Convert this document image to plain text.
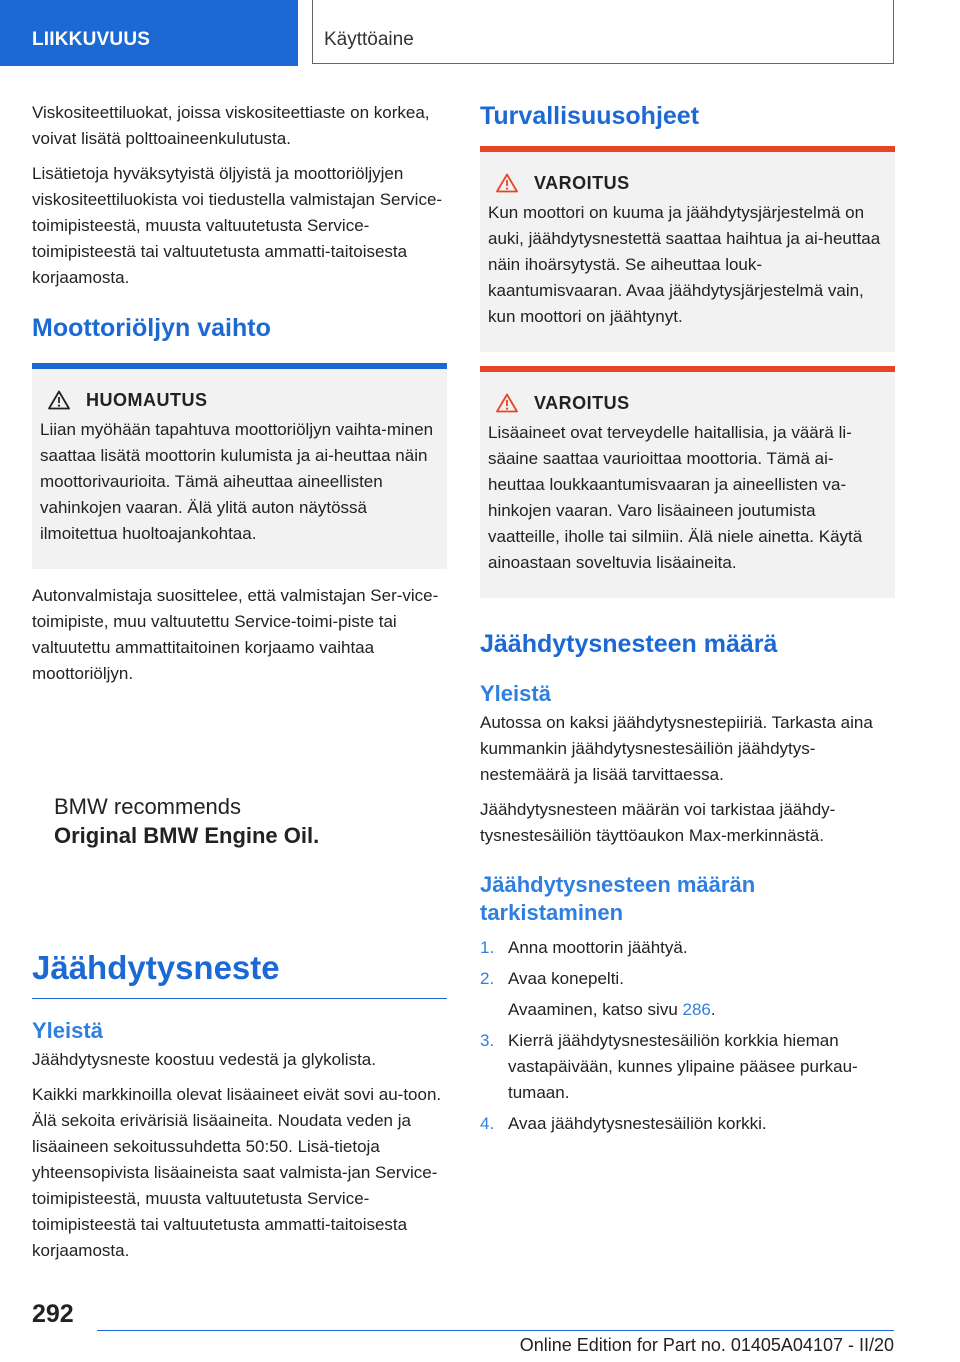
LIIKKUVUUS	Käyttöaine

Viskositeettiluokat, joissa viskositeettiaste on korkea, voivat lisätä polttoaineenkulutusta.

Lisätietoja hyväksytyistä öljyistä ja moottoriöljyjen viskositeettiluokista voi tiedustella valmistajan Service-toimipisteestä, muusta valtuutetusta Service-toimipisteestä tai valtuutetusta ammatti‐taitoisesta korjaamosta.

Moottoriöljyn vaihto
HUOMAUTUS

Liian myöhään tapahtuva moottoriöljyn vaihta‐minen saattaa lisätä moottorin kulumista ja ai‐heuttaa näin moottorivaurioita. Tämä aiheuttaa aineellisten vahinkojen vaaran. Älä ylitä auton näytössä ilmoitettua huoltoajankohtaa.

Autonvalmistaja suosittelee, että valmistajan Ser‐vice-toimipiste, muu valtuutettu Service-toimi‐piste tai valtuutettu ammattitaitoinen korjaamo vaihtaa moottoriöljyn.

BMW recommends
Original BMW Engine Oil.
Jäähdytysneste
Yleistä

Jäähdytysneste koostuu vedestä ja glykolista.

Kaikki markkinoilla olevat lisäaineet eivät sovi au‐toon. Älä sekoita erivärisiä lisäaineita. Noudata veden ja lisäaineen sekoitussuhdetta 50:50. Lisä‐tietoja yhteensopivista lisäaineista saat valmista‐jan Service-toimipisteestä, muusta valtuutetusta Service-toimipisteestä tai valtuutetusta ammatti‐taitoisesta korjaamosta.

Turvallisuusohjeet
VAROITUS

Kun moottori on kuuma ja jäähdytysjärjestelmä on auki, jäähdytysnestettä saattaa haihtua ja ai‐heuttaa näin ihoärsytystä. Se aiheuttaa louk‐kaantumisvaaran. Avaa jäähdytysjärjestelmä vain, kun moottori on jäähtynyt.

VAROITUS

Lisäaineet ovat terveydelle haitallisia, ja väärä li‐säaine saattaa vaurioittaa moottoria. Tämä ai‐heuttaa loukkaantumisvaaran ja aineellisten va‐hinkojen vaaran. Varo lisäaineen joutumista vaatteille, iholle tai silmiin. Älä niele ainetta. Käytä ainoastaan soveltuvia lisäaineita.

Jäähdytysnesteen määrä
Yleistä

Autossa on kaksi jäähdytysnestepiiriä. Tarkasta aina kummankin jäähdytysnestesäiliön jäähdytys‐nestemäärä ja lisää tarvittaessa.

Jäähdytysnesteen määrän voi tarkistaa jäähdy‐tysnestesäiliön täyttöaukon Max-merkinnästä.

Jäähdytysnesteen määrän tarkistaminen
1. Anna moottorin jäähtyä.
2. Avaa konepelti.
Avaaminen, katso sivu 286.
3. Kierrä jäähdytysnestesäiliön korkkia hieman vastapäivään, kunnes ylipaine pääsee purkau‐tumaan.
4. Avaa jäähdytysnestesäiliön korkki.
292
Online Edition for Part no. 01405A04107 - II/20
